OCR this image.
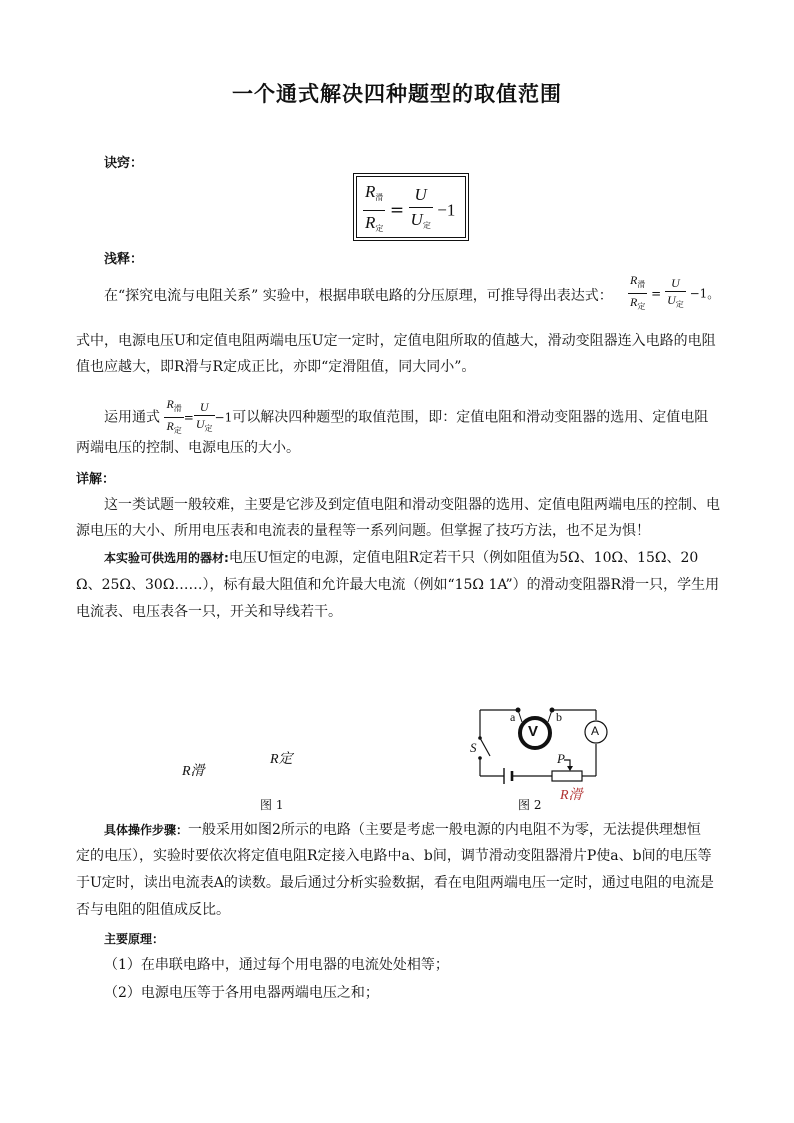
一个通式解决四种题型的取值范围
诀窍：
$\frac{R_滑}{R_定} = \frac{U}{U_定} -1$
浅释：
在“探究电流与电阻关系” 实验中，根据串联电路的分压原理，可推导得出表达式： $\frac{R_滑}{R_定} = \frac{U}{U_定} -1$。
式中，电源电压U和定值电阻两端电压U定一定时，定值电阻所取的值越大，滑动变阻器连入电路的电阻
值也应越大，即R滑与R定成正比，亦即“定滑阻值，同大同小”。
运用通式 $\frac{R_滑}{R_定} = \frac{U}{U_定} -1$可以解决四种题型的取值范围，即：定值电阻和滑动变阻器的选用、定值电阻
两端电压的控制、电源电压的大小。
详解：
这一类试题一般较难，主要是它涉及到定值电阻和滑动变阻器的选用、定值电阻两端电压的控制、电
源电压的大小、所用电压表和电流表的量程等一系列问题。但掌握了技巧方法，也不足为惧！
本实验可供选用的器材:电压U恒定的电源，定值电阻R定若干只（例如阻值为5Ω、10Ω、15Ω、20
Ω、25Ω、30Ω……），标有最大阻值和允许最大电流（例如“15Ω 1A”）的滑动变阻器R滑一只，学生用
电流表、电压表各一只，开关和导线若干。
R滑
R定
图 1
a	b
V	A
S
P
R滑
图 2
具体操作步骤：一般采用如图2所示的电路（主要是考虑一般电源的内电阻不为零，无法提供理想恒
定的电压），实验时要依次将定值电阻R定接入电路中a、b间，调节滑动变阻器滑片P使a、b间的电压等
于U定时，读出电流表A的读数。最后通过分析实验数据，看在电阻两端电压一定时，通过电阻的电流是
否与电阻的阻值成反比。
主要原理：
（1）在串联电路中，通过每个用电器的电流处处相等；
（2）电源电压等于各用电器两端电压之和；
